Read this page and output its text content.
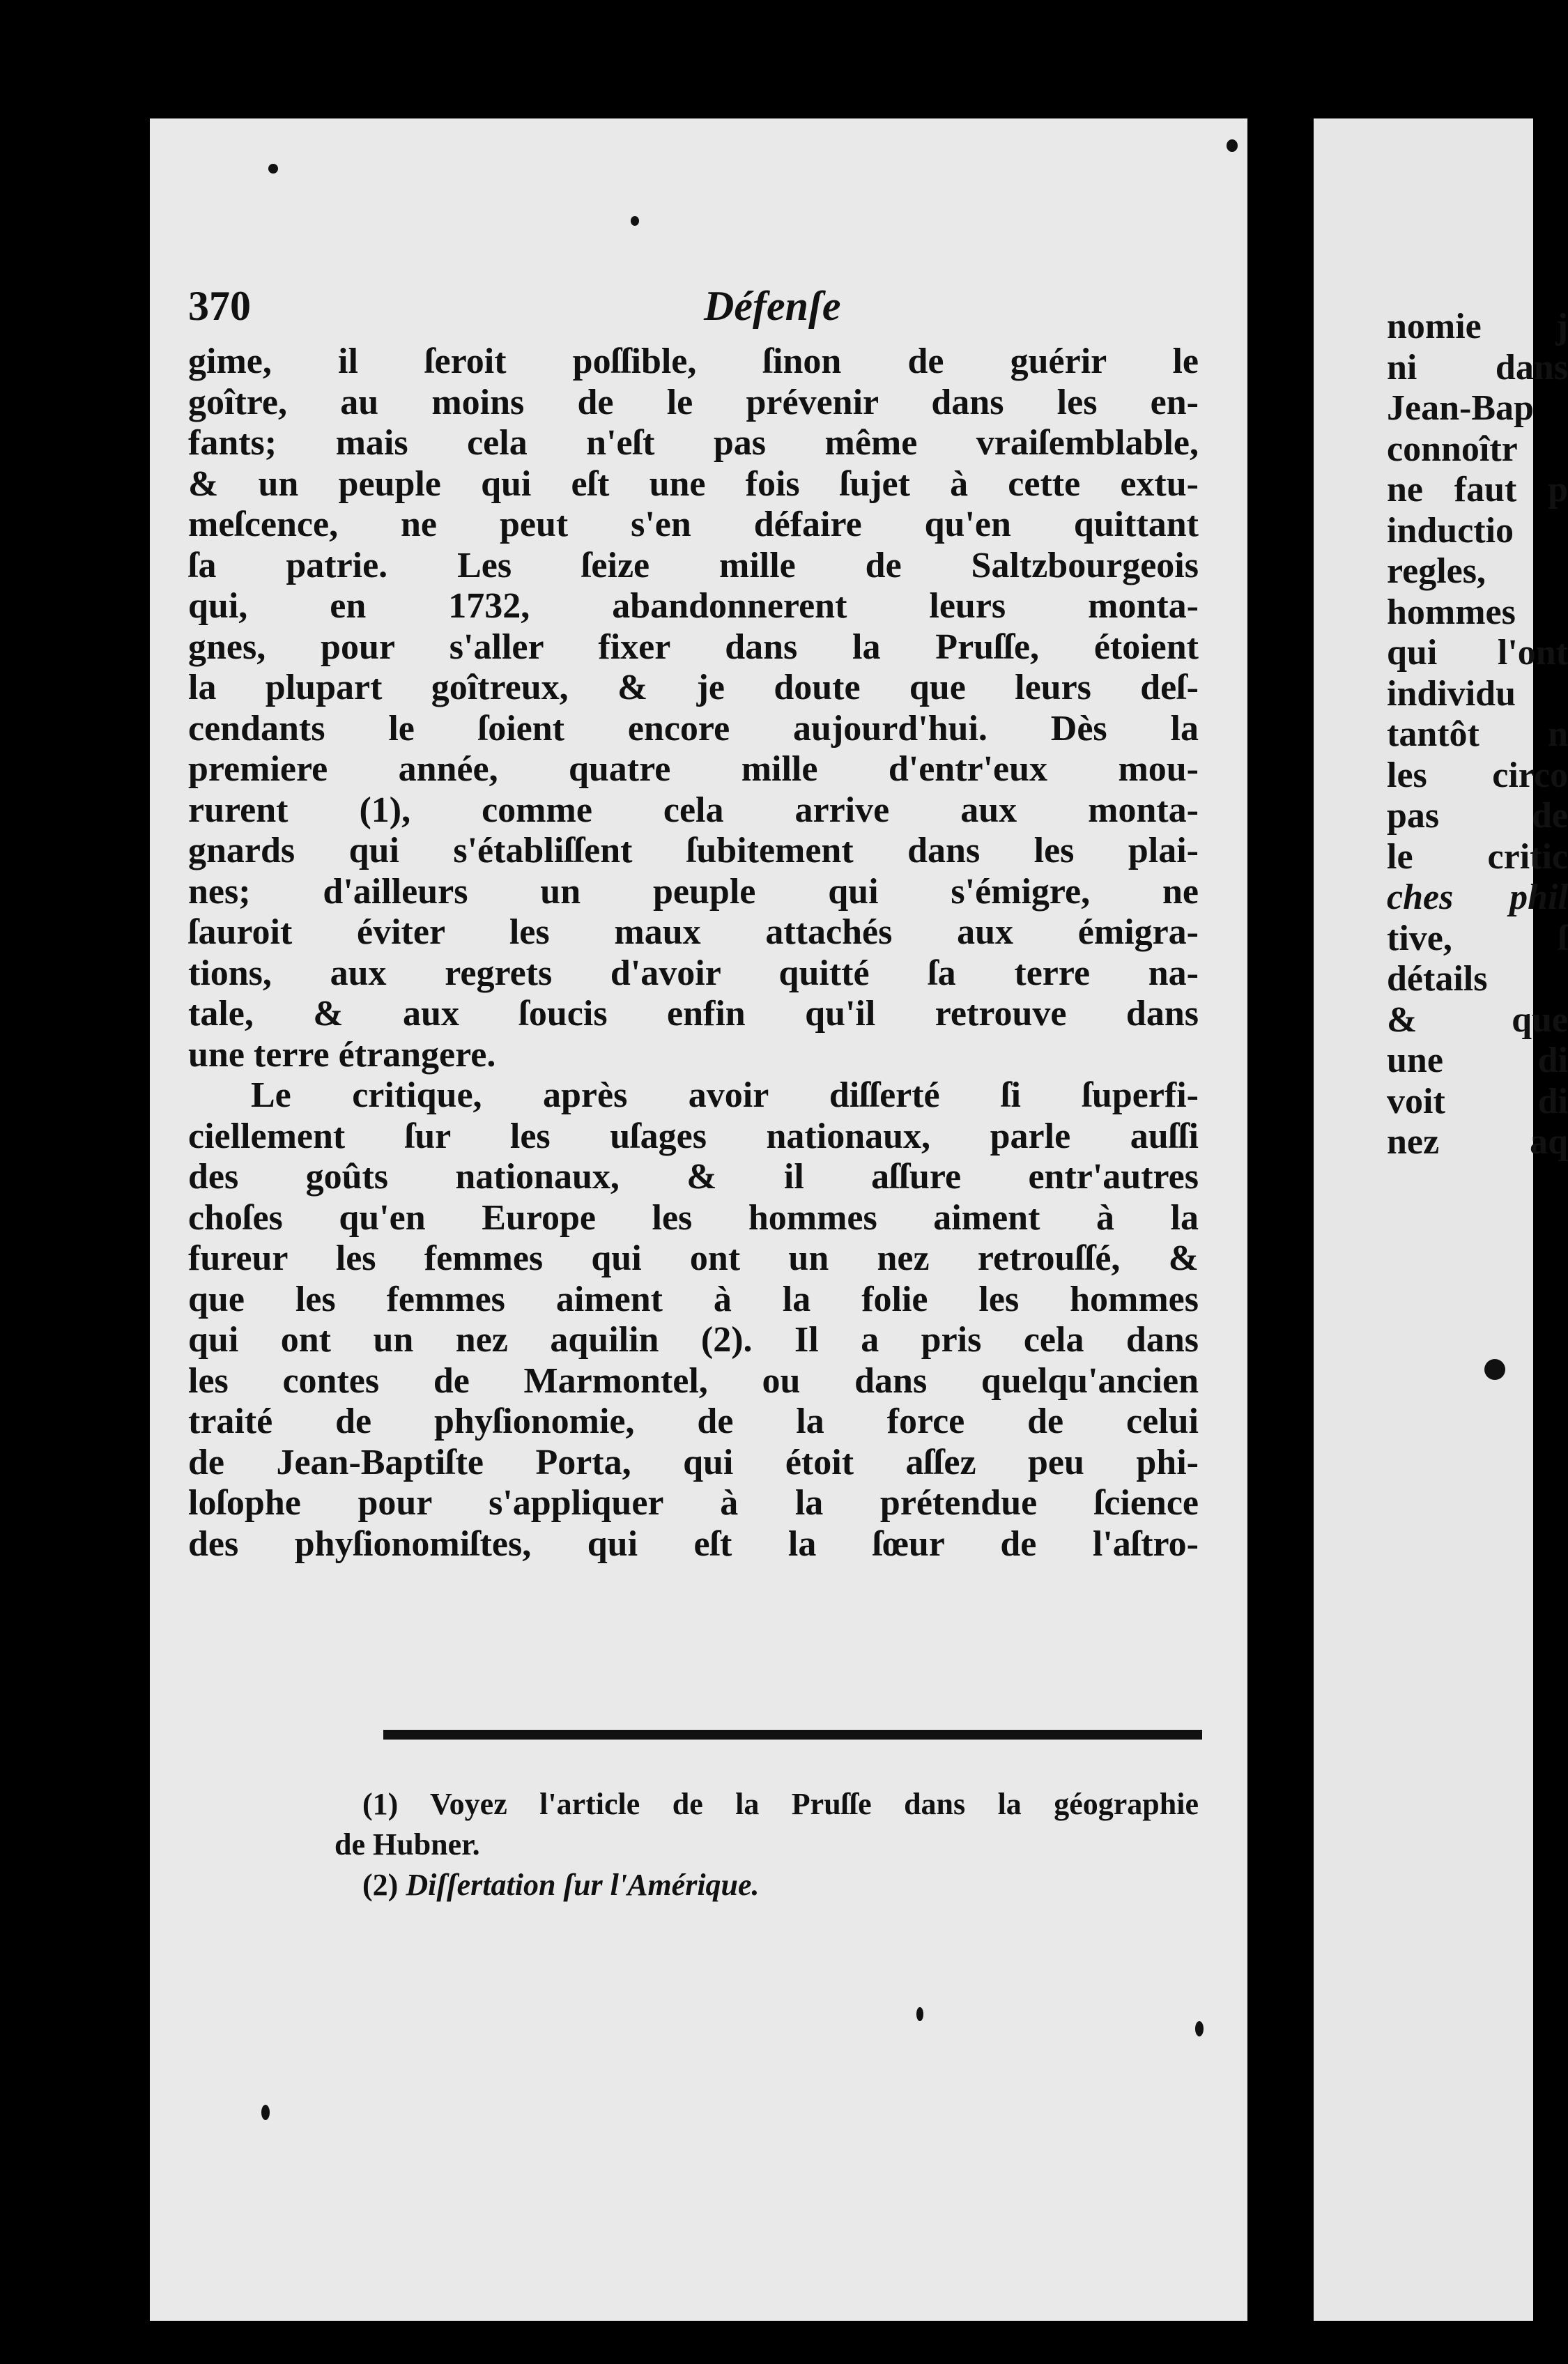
370	Défenſe
gime, il ſeroit poſſible, ſinon de guérir le
goître, au moins de le prévenir dans les en-
fants; mais cela n'eſt pas même vraiſemblable,
& un peuple qui eſt une fois ſujet à cette extu-
meſcence, ne peut s'en défaire qu'en quittant
ſa patrie. Les ſeize mille de Saltzbourgeois
qui, en 1732, abandonnerent leurs monta-
gnes, pour s'aller fixer dans la Pruſſe, étoient
la plupart goîtreux, & je doute que leurs deſ-
cendants le ſoient encore aujourd'hui. Dès la
premiere année, quatre mille d'entr'eux mou-
rurent (1), comme cela arrive aux monta-
gnards qui s'établiſſent ſubitement dans les plai-
nes; d'ailleurs un peuple qui s'émigre, ne
ſauroit éviter les maux attachés aux émigra-
tions, aux regrets d'avoir quitté ſa terre na-
tale, & aux ſoucis enfin qu'il retrouve dans
une terre étrangere.
Le critique, après avoir diſſerté ſi ſuperfi-
ciellement ſur les uſages nationaux, parle auſſi
des goûts nationaux, & il aſſure entr'autres
choſes qu'en Europe les hommes aiment à la
fureur les femmes qui ont un nez retrouſſé, &
que les femmes aiment à la folie les hommes
qui ont un nez aquilin (2). Il a pris cela dans
les contes de Marmontel, ou dans quelqu'ancien
traité de phyſionomie, de la force de celui
de Jean-Baptiſte Porta, qui étoit aſſez peu phi-
loſophe pour s'appliquer à la prétendue ſcience
des phyſionomiſtes, qui eſt la ſœur de l'aſtro-
(1) Voyez l'article de la Pruſſe dans la géographie
de Hubner.
(2) Diſſertation ſur l'Amérique.
nomie j
ni dans
Jean-Bap
connoîtr
ne faut p
inductio
regles,
hommes
qui l'ont
individu
tantôt n
les circo
pas de
le critic
ches phil
tive, ſ
détails
& que
une di
voit di
nez aq
